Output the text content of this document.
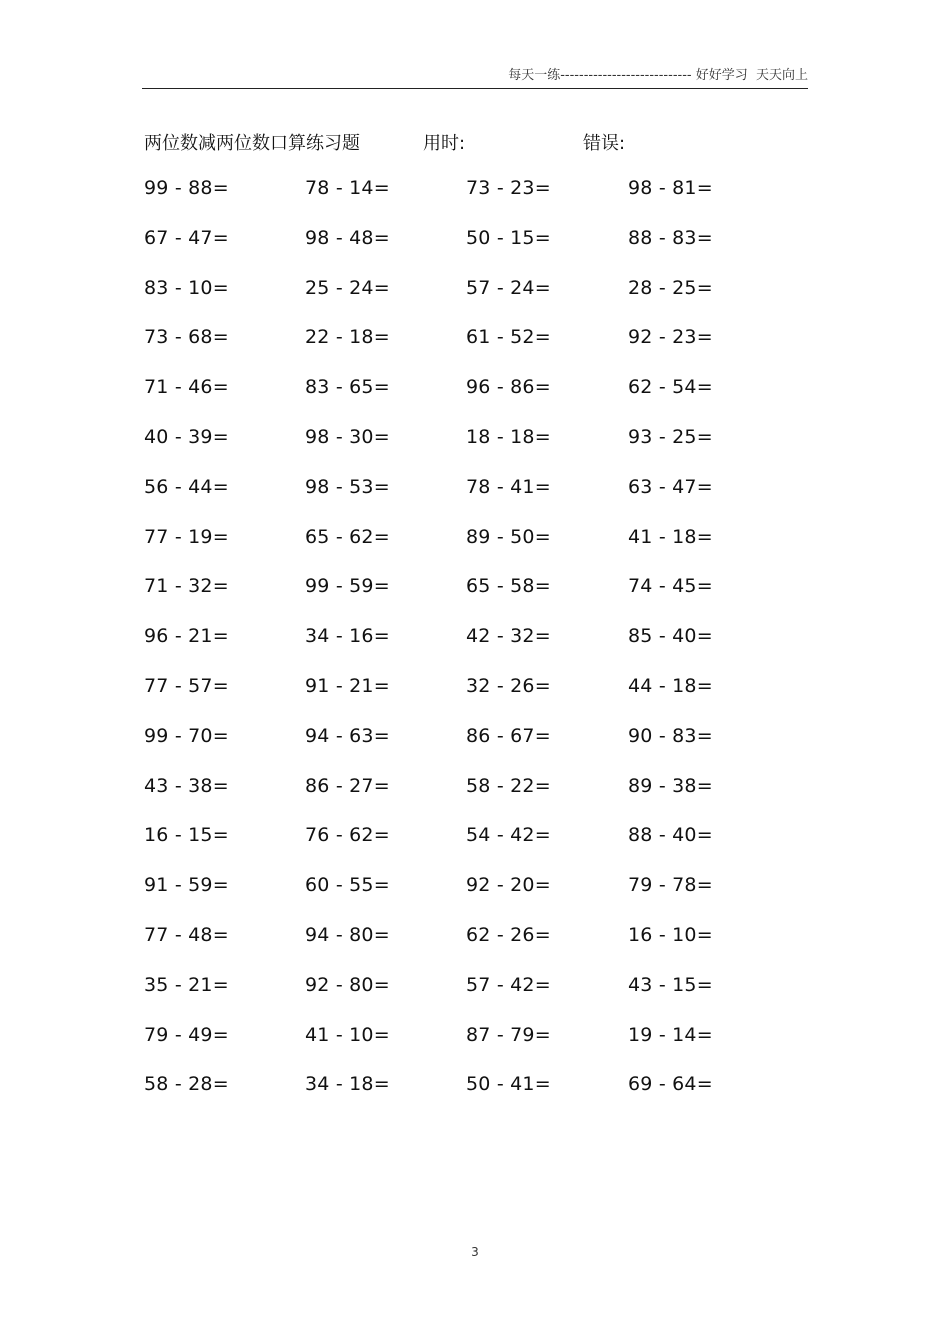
每天一练---------------------------- 好好学习  天天向上
两位数减两位数口算练习题	用时:	错误:
99 - 88=	78 - 14=	73 - 23=	98 - 81=
67 - 47=	98 - 48=	50 - 15=	88 - 83=
83 - 10=	25 - 24=	57 - 24=	28 - 25=
73 - 68=	22 - 18=	61 - 52=	92 - 23=
71 - 46=	83 - 65=	96 - 86=	62 - 54=
40 - 39=	98 - 30=	18 - 18=	93 - 25=
56 - 44=	98 - 53=	78 - 41=	63 - 47=
77 - 19=	65 - 62=	89 - 50=	41 - 18=
71 - 32=	99 - 59=	65 - 58=	74 - 45=
96 - 21=	34 - 16=	42 - 32=	85 - 40=
77 - 57=	91 - 21=	32 - 26=	44 - 18=
99 - 70=	94 - 63=	86 - 67=	90 - 83=
43 - 38=	86 - 27=	58 - 22=	89 - 38=
16 - 15=	76 - 62=	54 - 42=	88 - 40=
91 - 59=	60 - 55=	92 - 20=	79 - 78=
77 - 48=	94 - 80=	62 - 26=	16 - 10=
35 - 21=	92 - 80=	57 - 42=	43 - 15=
79 - 49=	41 - 10=	87 - 79=	19 - 14=
58 - 28=	34 - 18=	50 - 41=	69 - 64=
3
